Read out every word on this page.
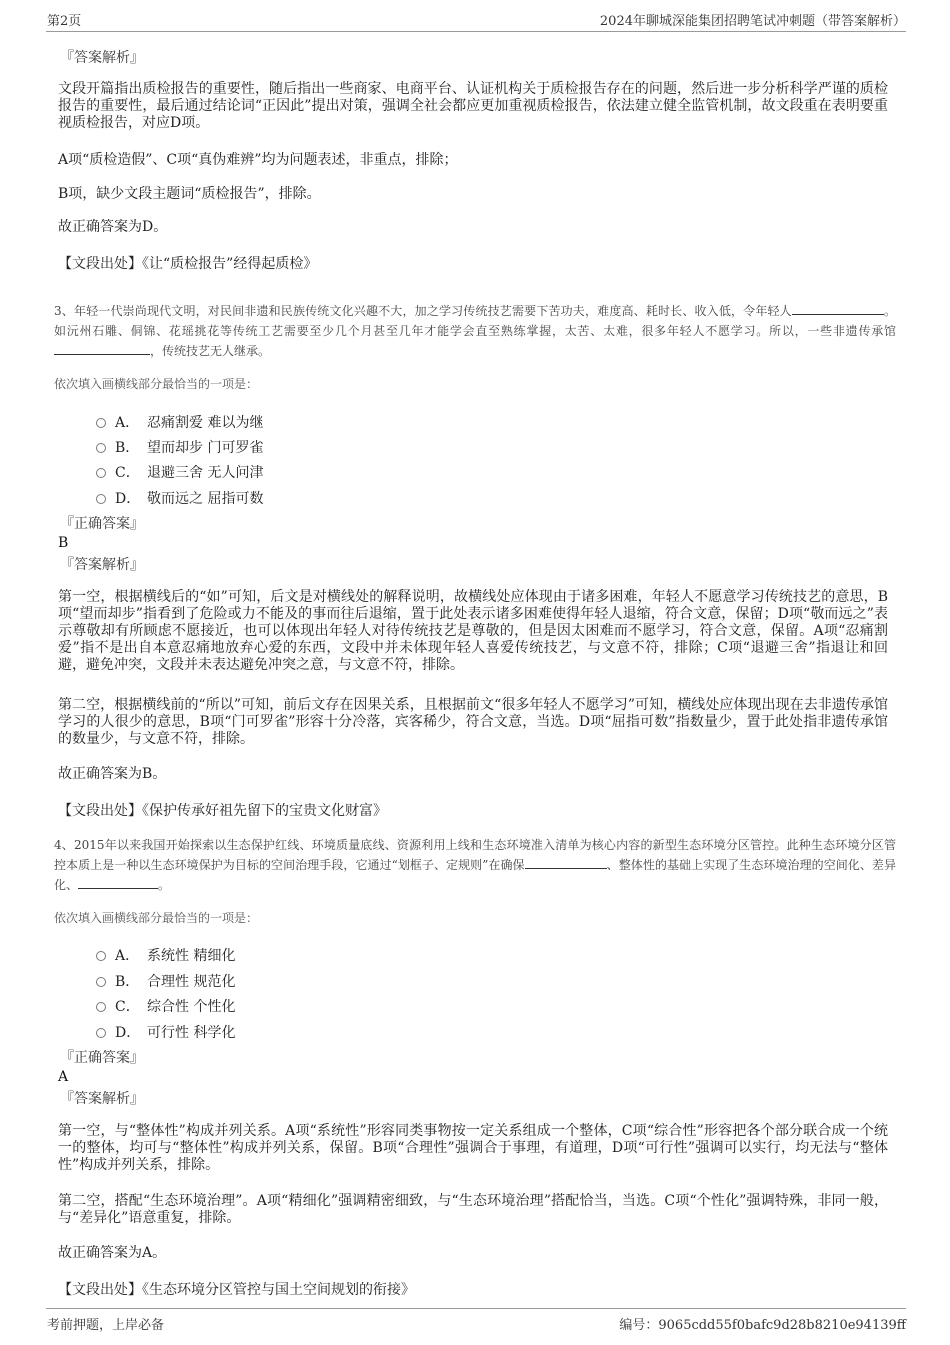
第2页	2024年聊城深能集团招聘笔试冲刺题（带答案解析）
『答案解析』
文段开篇指出质检报告的重要性，随后指出一些商家、电商平台、认证机构关于质检报告存在的问题，然后进一步分析科学严谨的质检报告的重要性，最后通过结论词“正因此”提出对策，强调全社会都应更加重视质检报告，依法建立健全监管机制，故文段重在表明要重视质检报告，对应D项。
A项“质检造假”、C项“真伪难辨”均为问题表述，非重点，排除；
B项，缺少文段主题词“质检报告”，排除。
故正确答案为D。
【文段出处】《让“质检报告”经得起质检》
3、年轻一代崇尚现代文明，对民间非遗和民族传统文化兴趣不大，加之学习传统技艺需要下苦功夫，难度高、耗时长、收入低，令年轻人	。如沅州石雕、侗锦、花瑶挑花等传统工艺需要至少几个月甚至几年才能学会直至熟练掌握，太苦、太难，很多年轻人不愿学习。所以，一些非遗传承馆，传统技艺无人继承。
依次填入画横线部分最恰当的一项是：
A． 忍痛割爱 难以为继
B． 望而却步 门可罗雀
C． 退避三舍 无人问津
D． 敬而远之 屈指可数
『正确答案』
B
『答案解析』
第一空，根据横线后的“如”可知，后文是对横线处的解释说明，故横线处应体现由于诸多困难，年轻人不愿意学习传统技艺的意思，B项“望而却步”指看到了危险或力不能及的事而往后退缩，置于此处表示诸多困难使得年轻人退缩，符合文意，保留；D项“敬而远之”表示尊敬却有所顾虑不愿接近，也可以体现出年轻人对待传统技艺是尊敬的，但是因太困难而不愿学习，符合文意，保留。A项“忍痛割爱”指不是出自本意忍痛地放弃心爱的东西，文段中并未体现年轻人喜爱传统技艺，与文意不符，排除；C项“退避三舍”指退让和回避，避免冲突，文段并未表达避免冲突之意，与文意不符，排除。
第二空，根据横线前的“所以”可知，前后文存在因果关系，且根据前文“很多年轻人不愿学习”可知，横线处应体现出现在去非遗传承馆学习的人很少的意思，B项“门可罗雀”形容十分冷落，宾客稀少，符合文意，当选。D项“屈指可数”指数量少，置于此处指非遗传承馆的数量少，与文意不符，排除。
故正确答案为B。
【文段出处】《保护传承好祖先留下的宝贵文化财富》
4、2015年以来我国开始探索以生态保护红线、环境质量底线、资源利用上线和生态环境准入清单为核心内容的新型生态环境分区管控。此种生态环境分区管控本质上是一种以生态环境保护为目标的空间治理手段，它通过“划框子、定规则”在确保	、整体性的基础上实现了生态环境治理的空间化、差异化、	。
依次填入画横线部分最恰当的一项是：
A． 系统性 精细化
B． 合理性 规范化
C． 综合性 个性化
D． 可行性 科学化
『正确答案』
A
『答案解析』
第一空，与“整体性”构成并列关系。A项“系统性”形容同类事物按一定关系组成一个整体，C项“综合性”形容把各个部分联合成一个统一的整体，均可与“整体性”构成并列关系，保留。B项“合理性”强调合于事理，有道理，D项“可行性”强调可以实行，均无法与“整体性”构成并列关系，排除。
第二空，搭配“生态环境治理”。A项“精细化”强调精密细致，与“生态环境治理”搭配恰当，当选。C项“个性化”强调特殊，非同一般，与“差异化”语意重复，排除。
故正确答案为A。
【文段出处】《生态环境分区管控与国土空间规划的衔接》
考前押题，上岸必备	编号：9065cdd55f0bafc9d28b8210e94139ff
